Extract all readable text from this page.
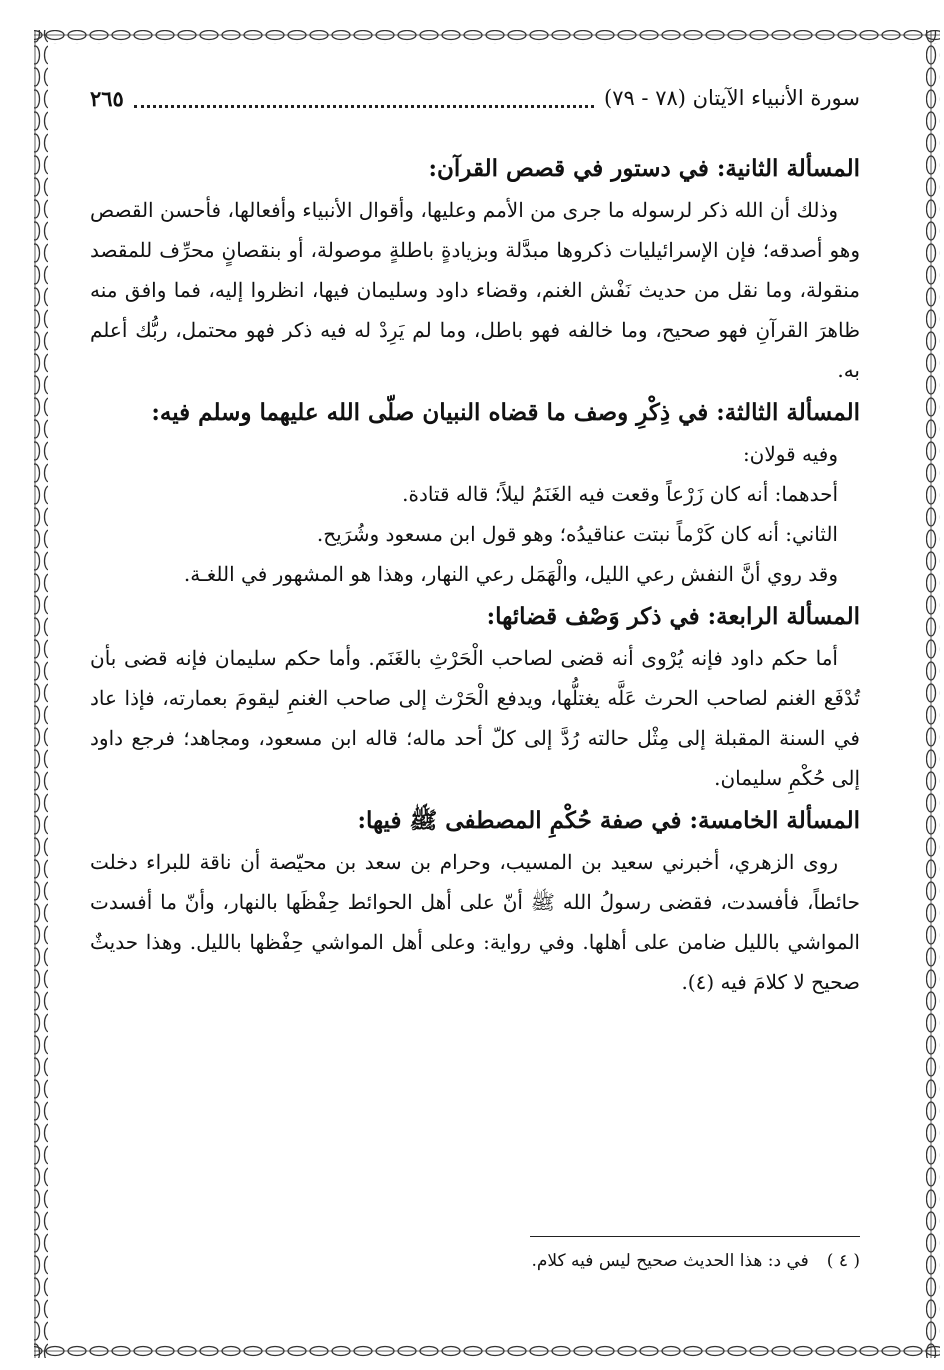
سورة الأنبياء الآيتان (٧٨ - ٧٩)
٢٦٥
المسألة الثانية: في دستور في قصص القرآن:

وذلك أن الله ذكر لرسوله ما جرى من الأمم وعليها، وأقوال الأنبياء وأفعالها، فأحسن القصص وهو أصدقه؛ فإن الإسرائيليات ذكروها مبدَّلة وبزيادةٍ باطلةٍ موصولة، أو بنقصانٍ محرِّف للمقصد منقولة، وما نقل من حديث نَفْش الغنم، وقضاء داود وسليمان فيها، انظروا إليه، فما وافق منه ظاهرَ القرآنِ فهو صحيح، وما خالفه فهو باطل، وما لم يَرِدْ له فيه ذكر فهو محتمل، ربُّك أعلم به.

المسألة الثالثة: في ذِكْرِ وصف ما قضاه النبيان صلّى الله عليهما وسلم فيه:

وفيه قولان:

أحدهما: أنه كان زَرْعاً وقعت فيه الغَنَمُ ليلاً؛ قاله قتادة.

الثاني: أنه كان كَرْماً نبتت عناقيدُه؛ وهو قول ابن مسعود وشُرَيح.

وقد روي أنَّ النفش رعي الليل، والْهَمَل رعي النهار، وهذا هو المشهور في اللغـة.

المسألة الرابعة: في ذكر وَصْف قضائها:

أما حكم داود فإنه يُرْوى أنه قضى لصاحب الْحَرْثِ بالغَنَم. وأما حكم سليمان فإنه قضى بأن تُدْفَع الغنم لصاحب الحرث عَلَّه يغتلُّها، ويدفع الْحَرْث إلى صاحب الغنمِ ليقومَ بعمارته، فإذا عاد في السنة المقبلة إلى مِثْل حالته رُدَّ إلى كلّ أحد ماله؛ قاله ابن مسعود، ومجاهد؛ فرجع داود إلى حُكْمِ سليمان.

المسألة الخامسة: في صفة حُكْمِ المصطفى ﷺ فيها:

روى الزهري، أخبرني سعيد بن المسيب، وحرام بن سعد بن محيّصة أن ناقة للبراء دخلت حائطاً، فأفسدت، فقضى رسولُ الله ﷺ أنّ على أهل الحوائط حِفْظَها بالنهار، وأنّ ما أفسدت المواشي بالليل ضامن على أهلها. وفي رواية: وعلى أهل المواشي حِفْظها بالليل. وهذا حديثٌ صحيح لا كلامَ فيه (٤).

( ٤ )
في د: هذا الحديث صحيح ليس فيه كلام.
